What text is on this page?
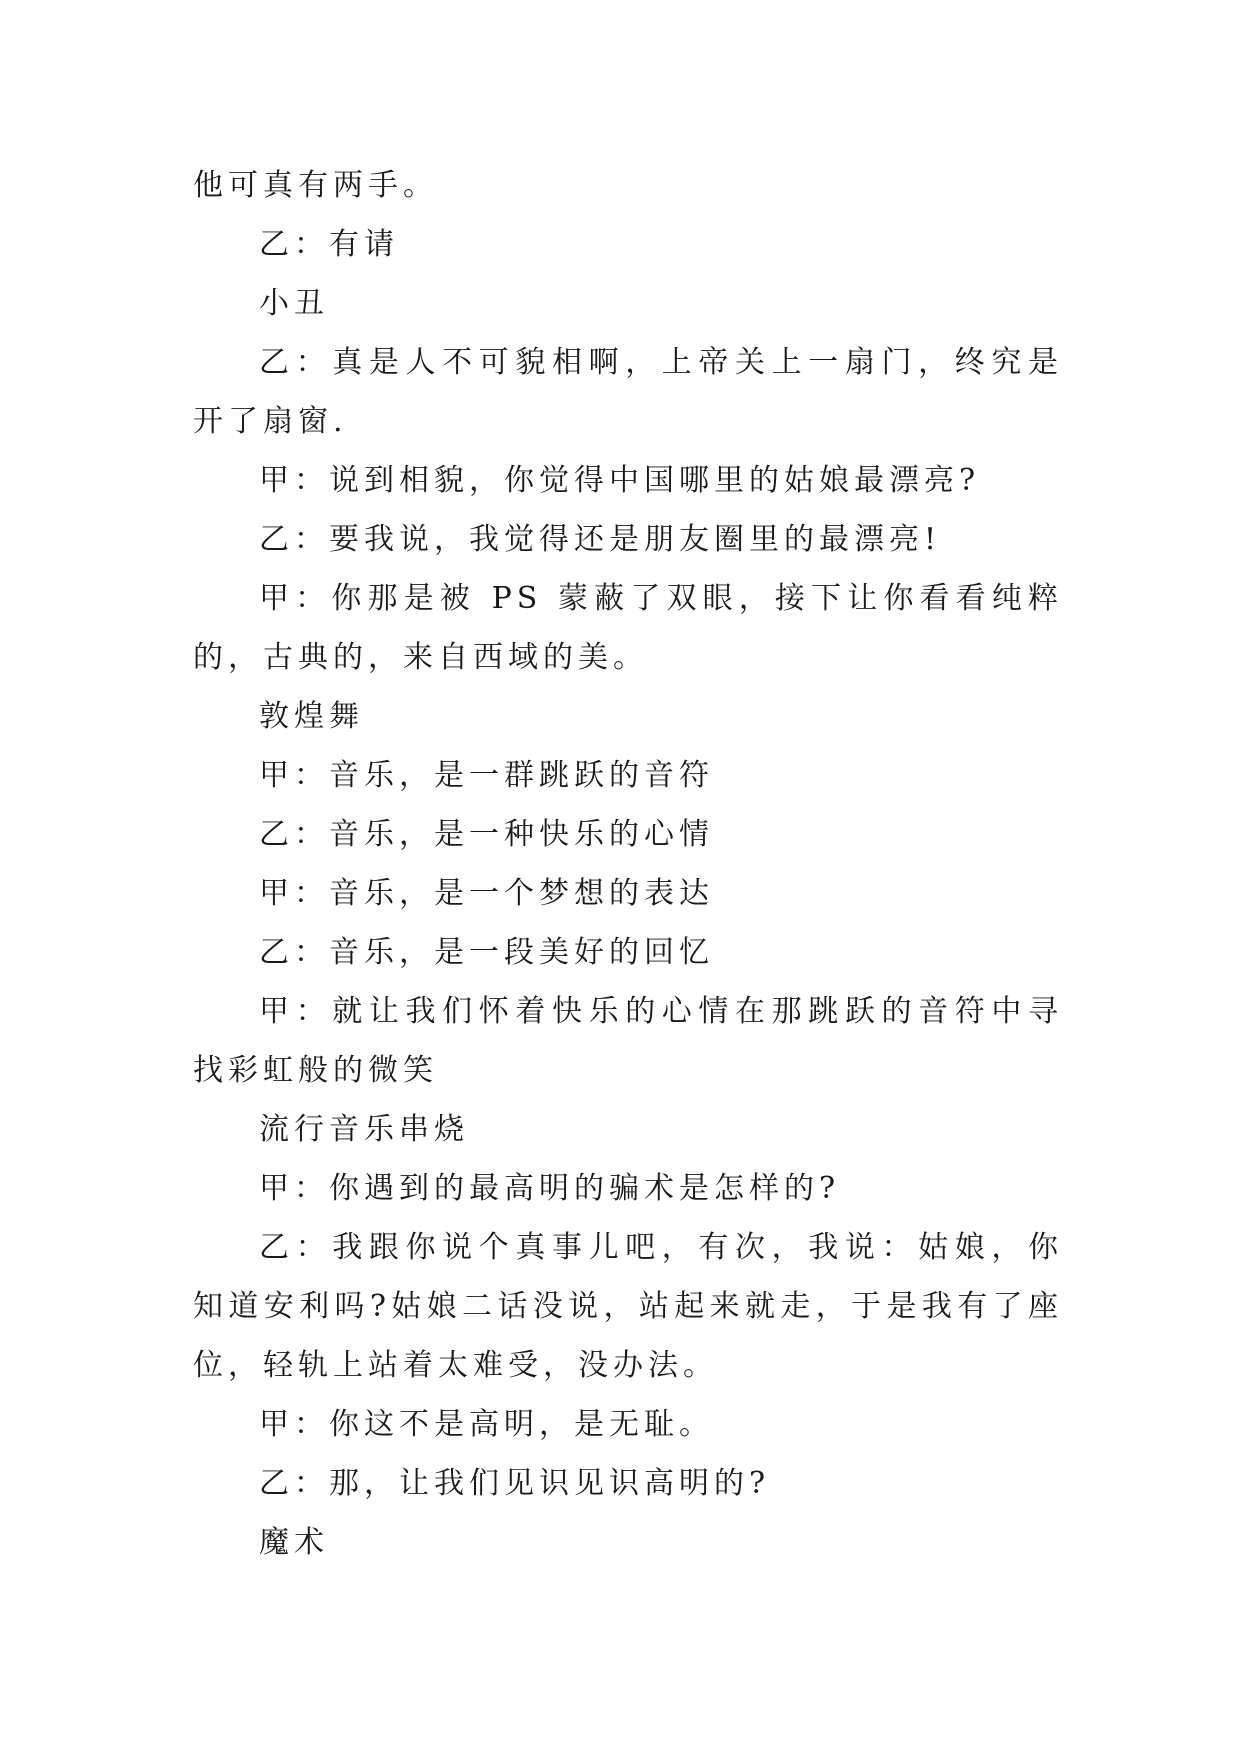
他可真有两手。

乙：有请

小丑

乙：真是人不可貌相啊，上帝关上一扇门，终究是开了扇窗.

甲：说到相貌，你觉得中国哪里的姑娘最漂亮?

乙：要我说，我觉得还是朋友圈里的最漂亮!

甲：你那是被 PS 蒙蔽了双眼，接下让你看看纯粹的，古典的，来自西域的美。

敦煌舞

甲：音乐，是一群跳跃的音符

乙：音乐，是一种快乐的心情

甲：音乐，是一个梦想的表达

乙：音乐，是一段美好的回忆

甲：就让我们怀着快乐的心情在那跳跃的音符中寻找彩虹般的微笑

流行音乐串烧

甲：你遇到的最高明的骗术是怎样的?

乙：我跟你说个真事儿吧，有次，我说：姑娘，你知道安利吗?姑娘二话没说，站起来就走，于是我有了座位，轻轨上站着太难受，没办法。

甲：你这不是高明，是无耻。

乙：那，让我们见识见识高明的?

魔术
